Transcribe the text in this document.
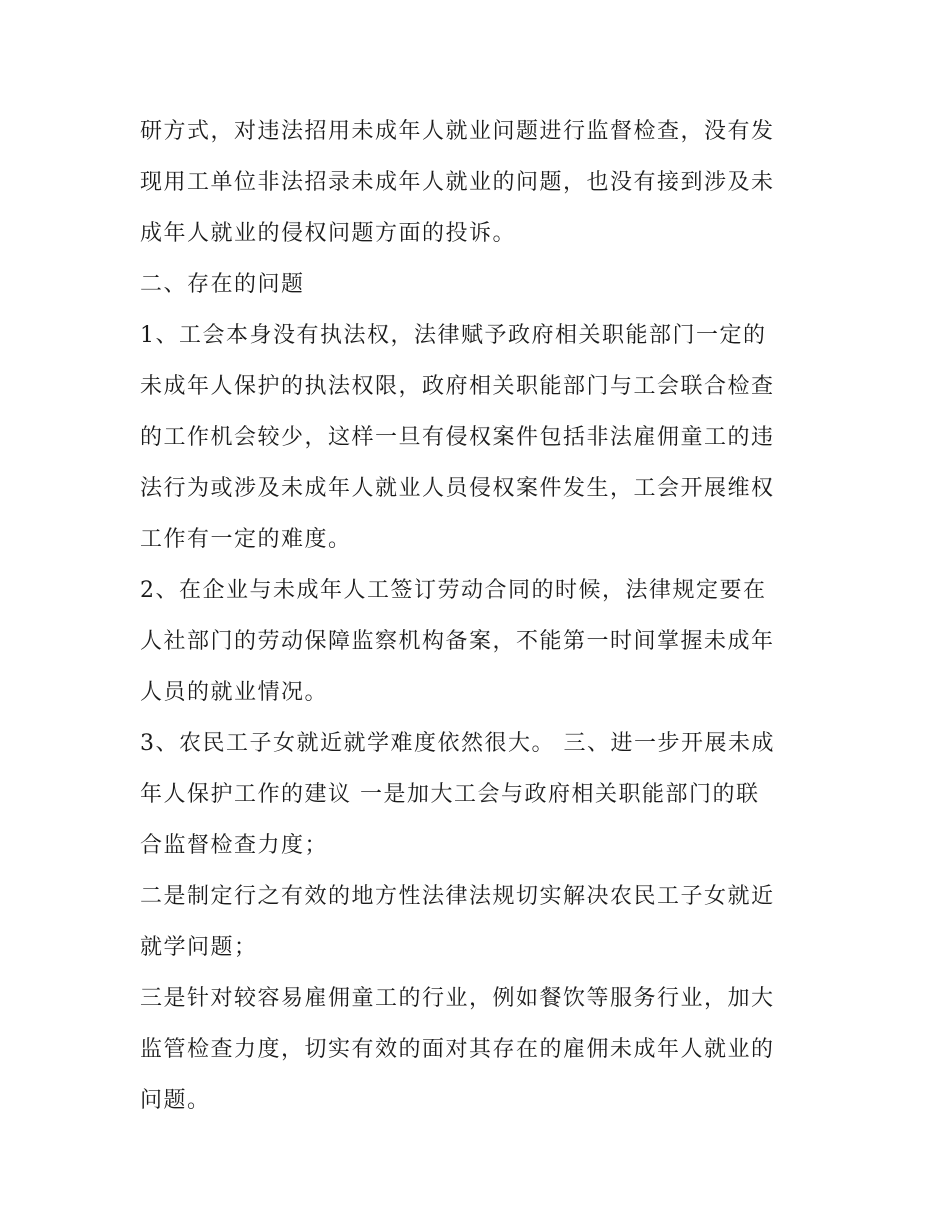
研方式，对违法招用未成年人就业问题进行监督检查，没有发
现用工单位非法招录未成年人就业的问题，也没有接到涉及未
成年人就业的侵权问题方面的投诉。
二、存在的问题
1、工会本身没有执法权，法律赋予政府相关职能部门一定的
未成年人保护的执法权限，政府相关职能部门与工会联合检查
的工作机会较少，这样一旦有侵权案件包括非法雇佣童工的违
法行为或涉及未成年人就业人员侵权案件发生，工会开展维权
工作有一定的难度。
2、在企业与未成年人工签订劳动合同的时候，法律规定要在
人社部门的劳动保障监察机构备案，不能第一时间掌握未成年
人员的就业情况。
3、农民工子女就近就学难度依然很大。 三、进一步开展未成
年人保护工作的建议 一是加大工会与政府相关职能部门的联
合监督检查力度；
二是制定行之有效的地方性法律法规切实解决农民工子女就近
就学问题；
三是针对较容易雇佣童工的行业，例如餐饮等服务行业，加大
监管检查力度，切实有效的面对其存在的雇佣未成年人就业的
问题。
